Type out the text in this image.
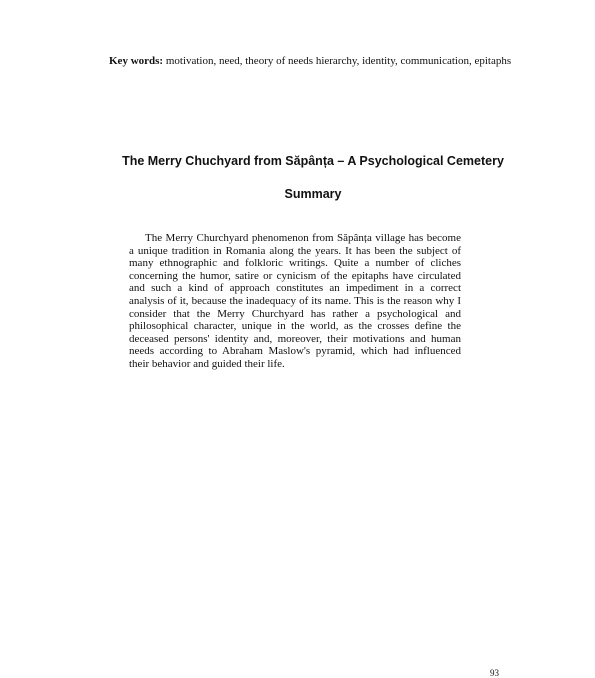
Key words: motivation, need, theory of needs hierarchy, identity, communication, epitaphs

The Merry Chuchyard from Săpânța – A Psychological Cemetery
Summary

The Merry Churchyard phenomenon from Săpânța village has become a unique tradition in Romania along the years. It has been the subject of many ethnographic and folkloric writings. Quite a number of cliches concerning the humor, satire or cynicism of the epitaphs have circulated and such a kind of approach constitutes an impediment in a correct analysis of it, because the inadequacy of its name. This is the reason why I consider that the Merry Churchyard has rather a psychological and philosophical character, unique in the world, as the crosses define the deceased persons' identity and, moreover, their motivations and human needs according to Abraham Maslow's pyramid, which had influenced their behavior and guided their life.

93
